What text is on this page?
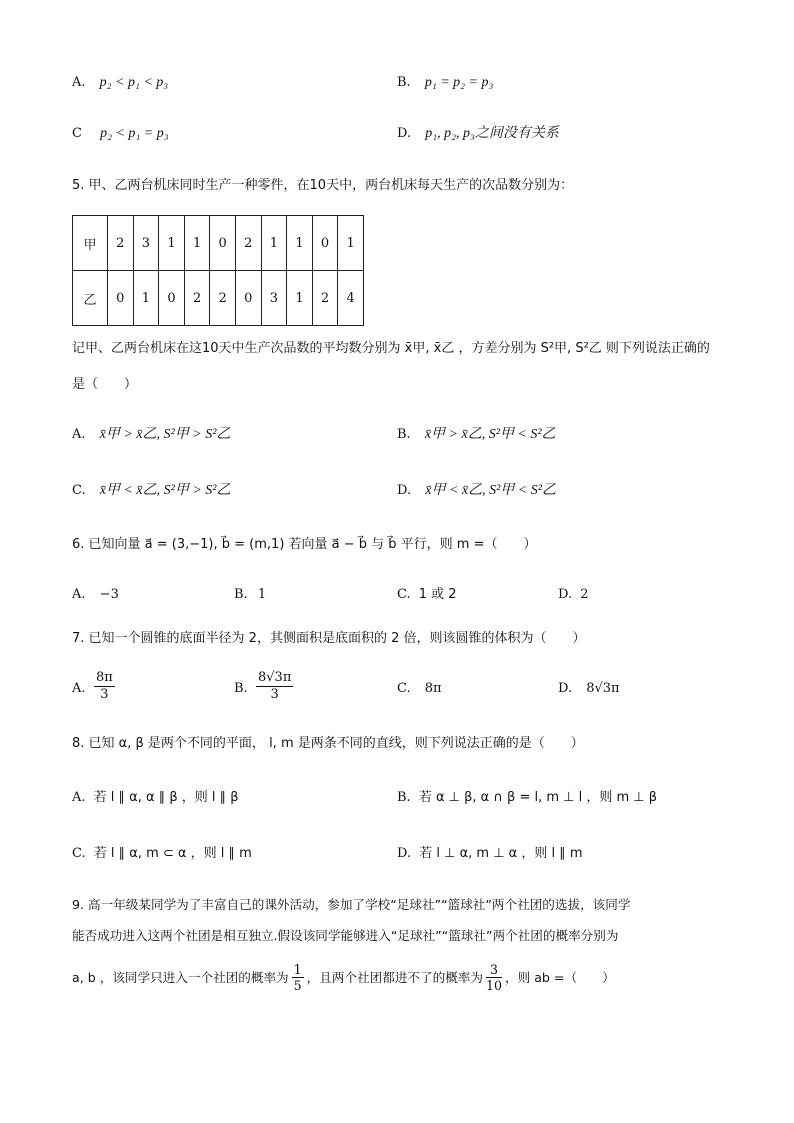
A. p₂ < p₁ < p₃	B. p₁ = p₂ = p₃
C p₂ < p₁ = p₃	D. p₁, p₂, p₃之间没有关系
5. 甲、乙两台机床同时生产一种零件，在10天中，两台机床每天生产的次品数分别为：
甲	2	3	1	1	0	2	1	1	0	1
乙	0	1	0	2	2	0	3	1	2	4
记甲、乙两台机床在这10天中生产次品数的平均数分别为 x̄甲, x̄乙 ，方差分别为 S²甲, S²乙 则下列说法正确的
是（　　）
A. x̄甲 > x̄乙, S²甲 > S²乙	B. x̄甲 > x̄乙, S²甲 < S²乙
C. x̄甲 < x̄乙, S²甲 > S²乙	D. x̄甲 < x̄乙, S²甲 < S²乙
6. 已知向量 a⃗ = (3,−1), b⃗ = (m,1) 若向量 a⃗ − b⃗ 与 b⃗ 平行，则 m =（　　）
A. −3	B. 1	C. 1 或 2	D. 2
7. 已知一个圆锥的底面半径为 2，其侧面积是底面积的 2 倍，则该圆锥的体积为（　　）
A. $\frac{8\pi}{3}$	B. $\frac{8√3\pi}{3}$	C. 8π	D. 8√3π
8. 已知 α, β 是两个不同的平面， l, m 是两条不同的直线，则下列说法正确的是（　　）
A. 若 l ∥ α, α ∥ β ，则 l ∥ β	B. 若 α ⊥ β, α ∩ β = l, m ⊥ l ，则 m ⊥ β
C. 若 l ∥ α, m ⊂ α ，则 l ∥ m	D. 若 l ⊥ α, m ⊥ α ，则 l ∥ m
9. 高一年级某同学为了丰富自己的课外活动，参加了学校“足球社”“篮球社”两个社团的选拔，该同学
能否成功进入这两个社团是相互独立.假设该同学能够进入“足球社”“篮球社”两个社团的概率分别为
a, b ，该同学只进入一个社团的概率为 $\frac{1}{5}$ ，且两个社团都进不了的概率为 $\frac{3}{10}$ ，则 ab =（　　）
